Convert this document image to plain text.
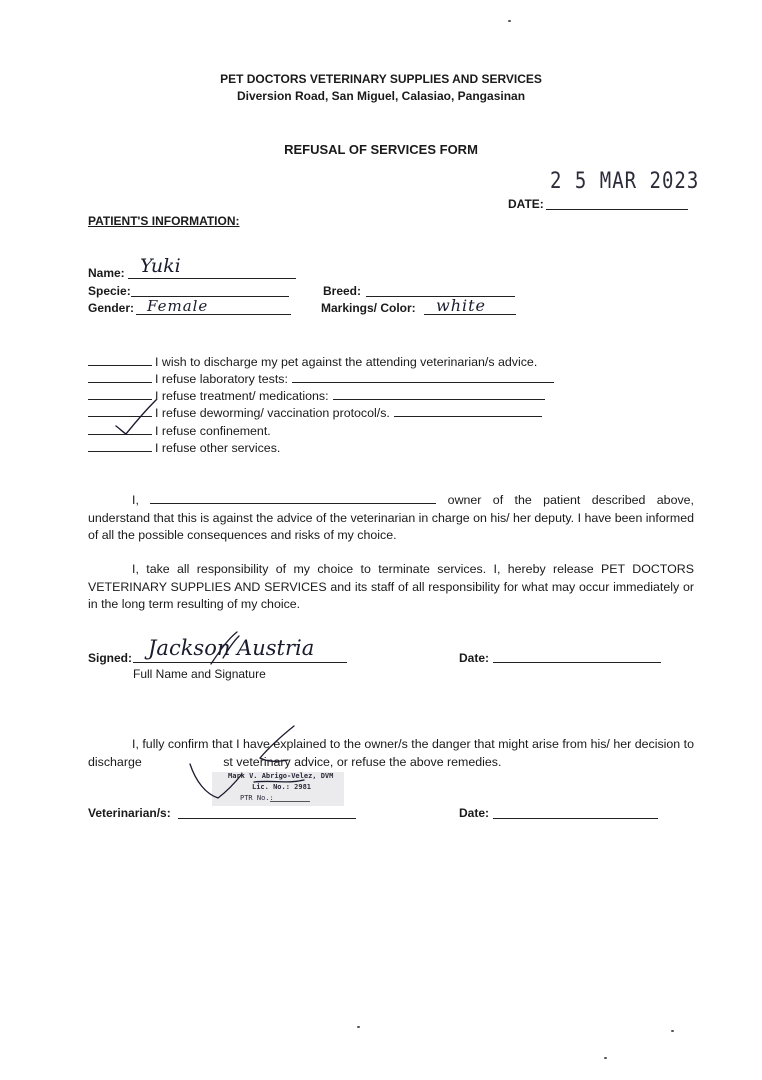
PET DOCTORS VETERINARY SUPPLIES AND SERVICES
Diversion Road, San Miguel, Calasiao, Pangasinan
REFUSAL OF SERVICES FORM
2 5 MAR 2023
DATE:
PATIENT'S INFORMATION:
Name: Yuki
Specie:	Breed:
Gender: Female	Markings/ Color: white
I wish to discharge my pet against the attending veterinarian/s advice.
I refuse laboratory tests:
I refuse treatment/ medications:
I refuse deworming/ vaccination protocol/s.
I refuse confinement.
I refuse other services.
I,	owner of the patient described above, understand that this is against the advice of the veterinarian in charge on his/ her deputy. I have been informed of all the possible consequences and risks of my choice.
I, take all responsibility of my choice to terminate services. I, hereby release PET DOCTORS VETERINARY SUPPLIES AND SERVICES and its staff of all responsibility for what may occur immediately or in the long term resulting of my choice.
Signed: Jackson Austria
Full Name and Signature
Date:
I, fully confirm that I have explained to the owner/s the danger that might arise from his/ her decision to discharge	st veterinary advice, or refuse the above remedies.
Mark V. Abrigo-Velez, DVM
Lic. No.: 2981
PTR No.:
Veterinarian/s:	Date:
